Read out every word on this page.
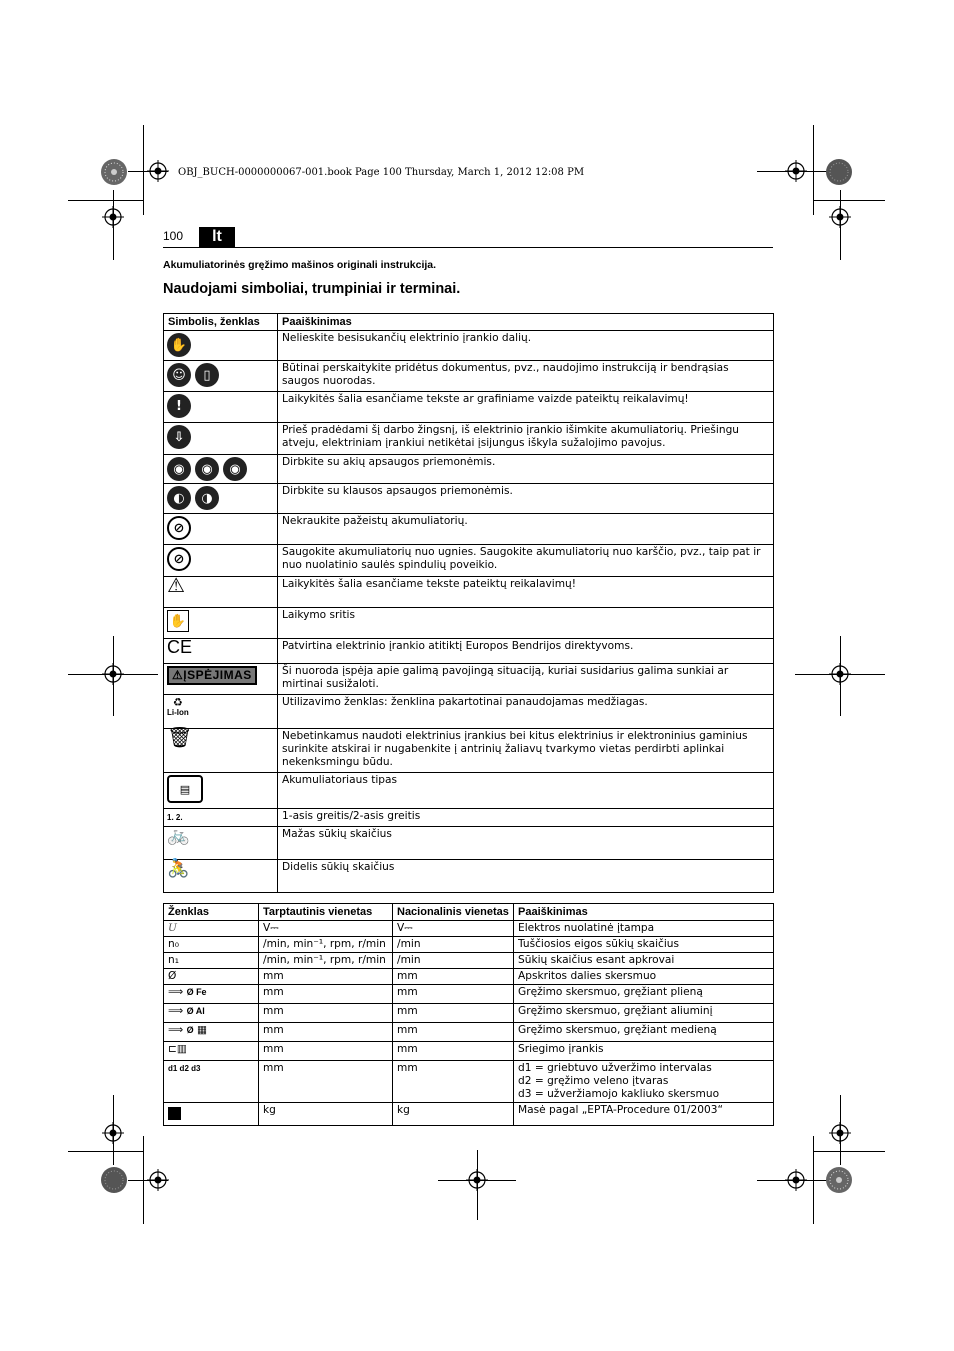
OBJ_BUCH-0000000067-001.book Page 100 Thursday, March 1, 2012 12:08 PM
100	lt
Akumuliatorinės gręžimo mašinos originali instrukcija.
Naudojami simboliai, trumpiniai ir terminai.
Simbolis, ženklas	Paaiškinimas
✋	Nelieskite besisukančių elektrinio įrankio dalių.
☺ ▯	Būtinai perskaitykite pridėtus dokumentus, pvz., naudojimo instrukciją ir bendrąsias saugos nuorodas.
!	Laikykitės šalia esančiame tekste ar grafiniame vaizde pateiktų reikalavimų!
⇩	Prieš pradėdami šį darbo žingsnį, iš elektrinio įrankio išimkite akumuliatorių. Priešingu atveju, elektriniam įrankiui netikėtai įsijungus iškyla sužalojimo pavojus.
◉ ◉ ◉	Dirbkite su akių apsaugos priemonėmis.
◐ ◑	Dirbkite su klausos apsaugos priemonėmis.
⊘	Nekraukite pažeistų akumuliatorių.
⊘	Saugokite akumuliatorių nuo ugnies. Saugokite akumuliatorių nuo karščio, pvz., taip pat ir nuo nuolatinio saulės spindulių poveikio.
⚠	Laikykitės šalia esančiame tekste pateiktų reikalavimų!
✋	Laikymo sritis
CE	Patvirtina elektrinio įrankio atitiktį Europos Bendrijos direktyvoms.
⚠ĮSPĖJIMAS	Ši nuoroda įspėja apie galimą pavojingą situaciją, kuriai susidarius galima sunkiai ar mirtinai susižaloti.
♻
Li-Ion	Utilizavimo ženklas: ženklina pakartotinai panaudojamas medžiagas.
🗑	Nebetinkamus naudoti elektrinius įrankius bei kitus elektrinius ir elektroninius gaminius surinkite atskirai ir nugabenkite į antrinių žaliavų tvarkymo vietas perdirbti aplinkai nekenksmingu būdu.
▤	Akumuliatoriaus tipas
1. 2.	1-asis greitis/2-asis greitis
🚲	Mažas sūkių skaičius
🚴	Didelis sūkių skaičius
Ženklas	Tarptautinis vienetas	Nacionalinis vienetas	Paaiškinimas
U	V⎓	V⎓	Elektros nuolatinė įtampa
n₀	/min, min⁻¹, rpm, r/min	/min	Tuščiosios eigos sūkių skaičius
n₁	/min, min⁻¹, rpm, r/min	/min	Sūkių skaičius esant apkrovai
Ø	mm	mm	Apskritos dalies skersmuo
⟹ Ø Fe	mm	mm	Gręžimo skersmuo, gręžiant plieną
⟹ Ø Al	mm	mm	Gręžimo skersmuo, gręžiant aliuminį
⟹ Ø ▦	mm	mm	Gręžimo skersmuo, gręžiant medieną
⊏▥	mm	mm	Sriegimo įrankis
d1 d2 d3	mm	mm	d1 = griebtuvo užveržimo intervalas
d2 = gręžimo veleno įtvaras
d3 = užveržiamojo kakliuko skersmuo

	kg	kg	Masė pagal „EPTA-Procedure 01/2003“
